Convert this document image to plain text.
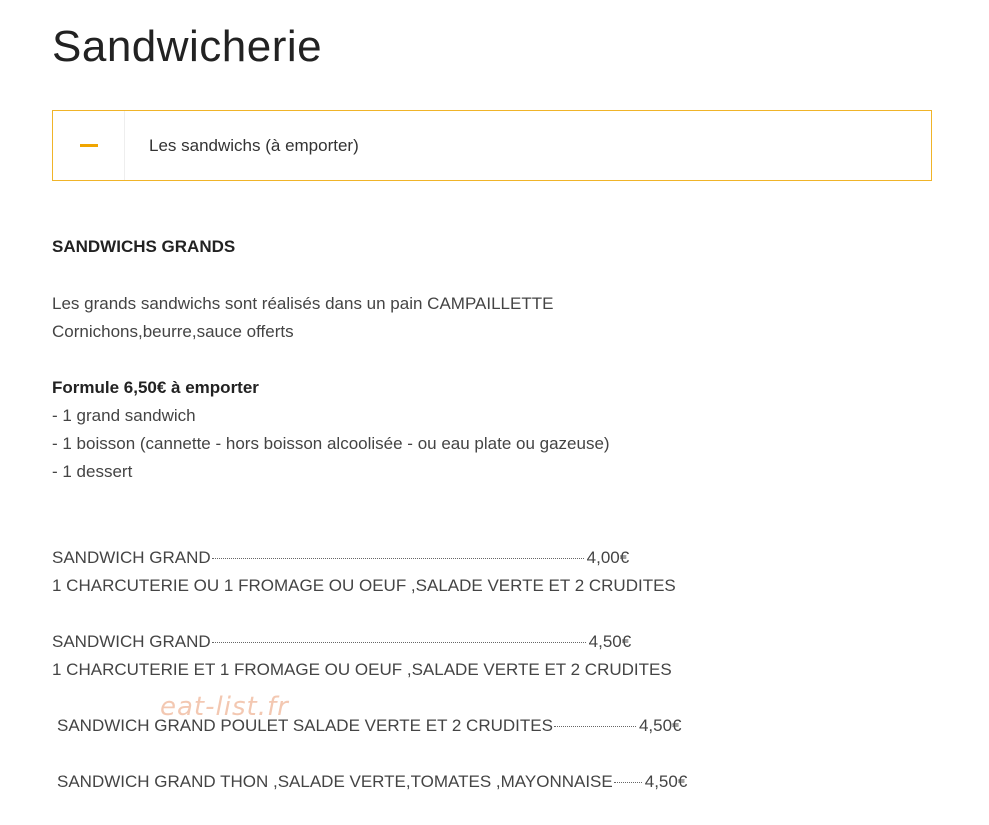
Sandwicherie
Les sandwichs (à emporter)
SANDWICHS GRANDS

Les grands sandwichs sont réalisés dans un pain CAMPAILLETTE
Cornichons,beurre,sauce offerts

Formule 6,50€ à emporter
- 1 grand sandwich
- 1 boisson (cannette - hors boisson alcoolisée - ou eau plate ou gazeuse)
- 1 dessert
SANDWICH GRAND	4,00€
1 CHARCUTERIE OU 1 FROMAGE OU OEUF ,SALADE VERTE ET 2 CRUDITES
SANDWICH GRAND	4,50€
1 CHARCUTERIE ET 1 FROMAGE OU OEUF ,SALADE VERTE ET 2 CRUDITES
SANDWICH GRAND POULET SALADE VERTE ET 2 CRUDITES	4,50€
SANDWICH GRAND THON ,SALADE VERTE,TOMATES ,MAYONNAISE 4,50€
eat-list.fr
